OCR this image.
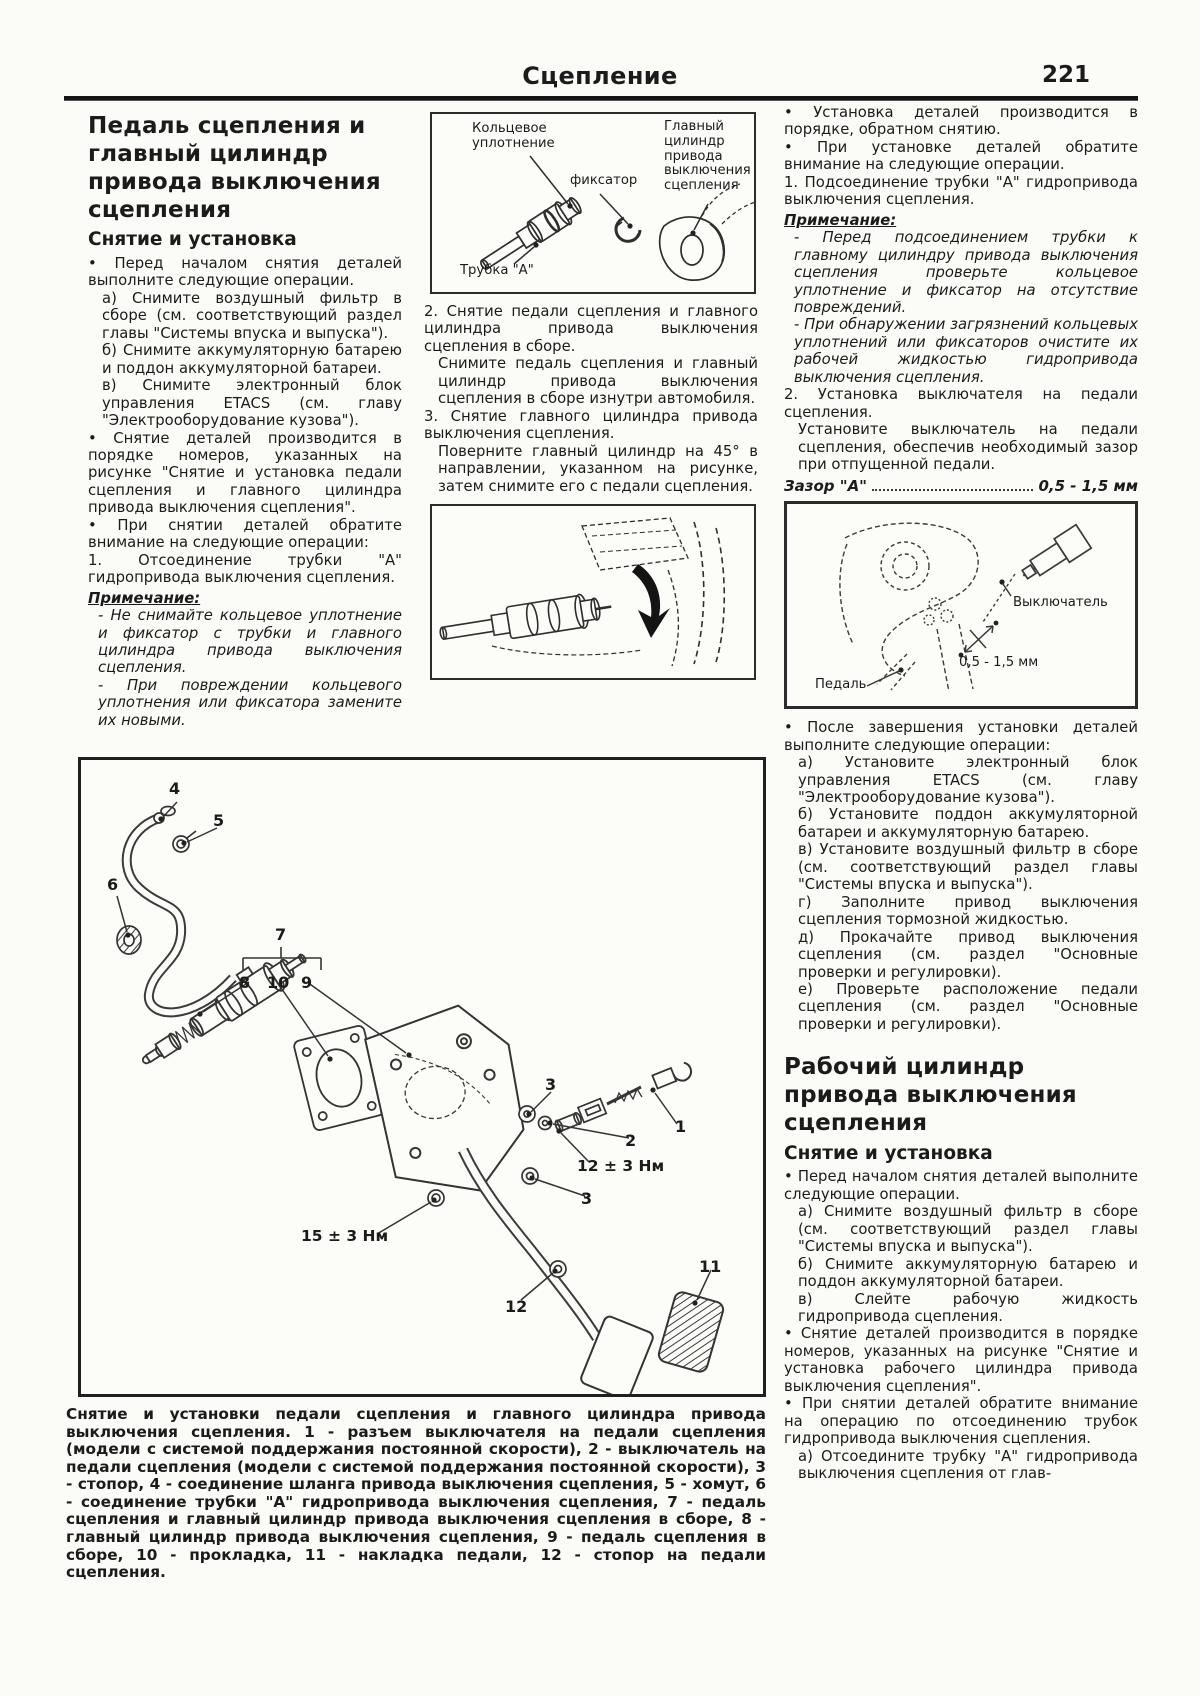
Сцепление	221
Педаль сцепления и главный цилиндр привода выключения сцепления
Снятие и установка

• Перед началом снятия деталей выполните следующие операции.

а) Снимите воздушный фильтр в сборе (см. соответствующий раздел главы "Системы впуска и выпуска").

б) Снимите аккумуляторную батарею и поддон аккумуляторной батареи.

в) Снимите электронный блок управления ETACS (см. главу "Электрооборудование кузова").

• Снятие деталей производится в порядке номеров, указанных на рисунке "Снятие и установка педали сцепления и главного цилиндра привода выключения сцепления".

• При снятии деталей обратите внимание на следующие операции:

1. Отсоединение трубки "А" гидропривода выключения сцепления.

Примечание:

- Не снимайте кольцевое уплотнение и фиксатор с трубки и главного цилиндра привода выключения сцепления.

- При повреждении кольцевого уплотнения или фиксатора замените их новыми.

Кольцевое уплотнение
фиксатор
Главный цилиндр привода выключения сцепления
Трубка "А"

2. Снятие педали сцепления и главного цилиндра привода выключения сцепления в сборе.

Снимите педаль сцепления и главный цилиндр привода выключения сцепления в сборе изнутри автомобиля.

3. Снятие главного цилиндра привода выключения сцепления.

Поверните главный цилиндр на 45° в направлении, указанном на рисунке, затем снимите его с педали сцепления.

• Установка деталей производится в порядке, обратном снятию.

• При установке деталей обратите внимание на следующие операции.

1. Подсоединение трубки "А" гидропривода выключения сцепления.

Примечание:

- Перед подсоединением трубки к главному цилиндру привода выключения сцепления проверьте кольцевое уплотнение и фиксатор на отсутствие повреждений.

- При обнаружении загрязнений кольцевых уплотнений или фиксаторов очистите их рабочей жидкостью гидропривода выключения сцепления.

2. Установка выключателя на педали сцепления.

Установите выключатель на педали сцепления, обеспечив необходимый зазор при отпущенной педали.

Зазор "А"	0,5 - 1,5 мм
Выключатель
0,5 - 1,5 мм
Педаль

• После завершения установки деталей выполните следующие операции:

а) Установите электронный блок управления ETACS (см. главу "Электрооборудование кузова").

б) Установите поддон аккумуляторной батареи и аккумуляторную батарею.

в) Установите воздушный фильтр в сборе (см. соответствующий раздел главы "Системы впуска и выпуска").

г) Заполните привод выключения сцепления тормозной жидкостью.

д) Прокачайте привод выключения сцепления (см. раздел "Основные проверки и регулировки).

е) Проверьте расположение педали сцепления (см. раздел "Основные проверки и регулировки).

Рабочий цилиндр привода выключения сцепления
Снятие и установка

• Перед началом снятия деталей выполните следующие операции.

а) Снимите воздушный фильтр в сборе (см. соответствующий раздел главы "Системы впуска и выпуска").

б) Снимите аккумуляторную батарею и поддон аккумуляторной батареи.

в) Слейте рабочую жидкость гидропривода сцепления.

• Снятие деталей производится в порядке номеров, указанных на рисунке "Снятие и установка рабочего цилиндра привода выключения сцепления".

• При снятии деталей обратите внимание на операцию по отсоединению трубок гидропривода выключения сцепления.

а) Отсоедините трубку "А" гидропривода выключения сцепления от глав-

4
5
6
7
8 10 9
3
1
2
12 ± 3 Нм
3
15 ± 3 Нм
12
11

Снятие и установки педали сцепления и главного цилиндра привода выключения сцепления. 1 - разъем выключателя на педали сцепления (модели с системой поддержания постоянной скорости), 2 - выключатель на педали сцепления (модели с системой поддержания постоянной скорости), 3 - стопор, 4 - соединение шланга привода выключения сцепления, 5 - хомут, 6 - соединение трубки "А" гидропривода выключения сцепления, 7 - педаль сцепления и главный цилиндр привода выключения сцепления в сборе, 8 - главный цилиндр привода выключения сцепления, 9 - педаль сцепления в сборе, 10 - прокладка, 11 - накладка педали, 12 - стопор на педали сцепления.
